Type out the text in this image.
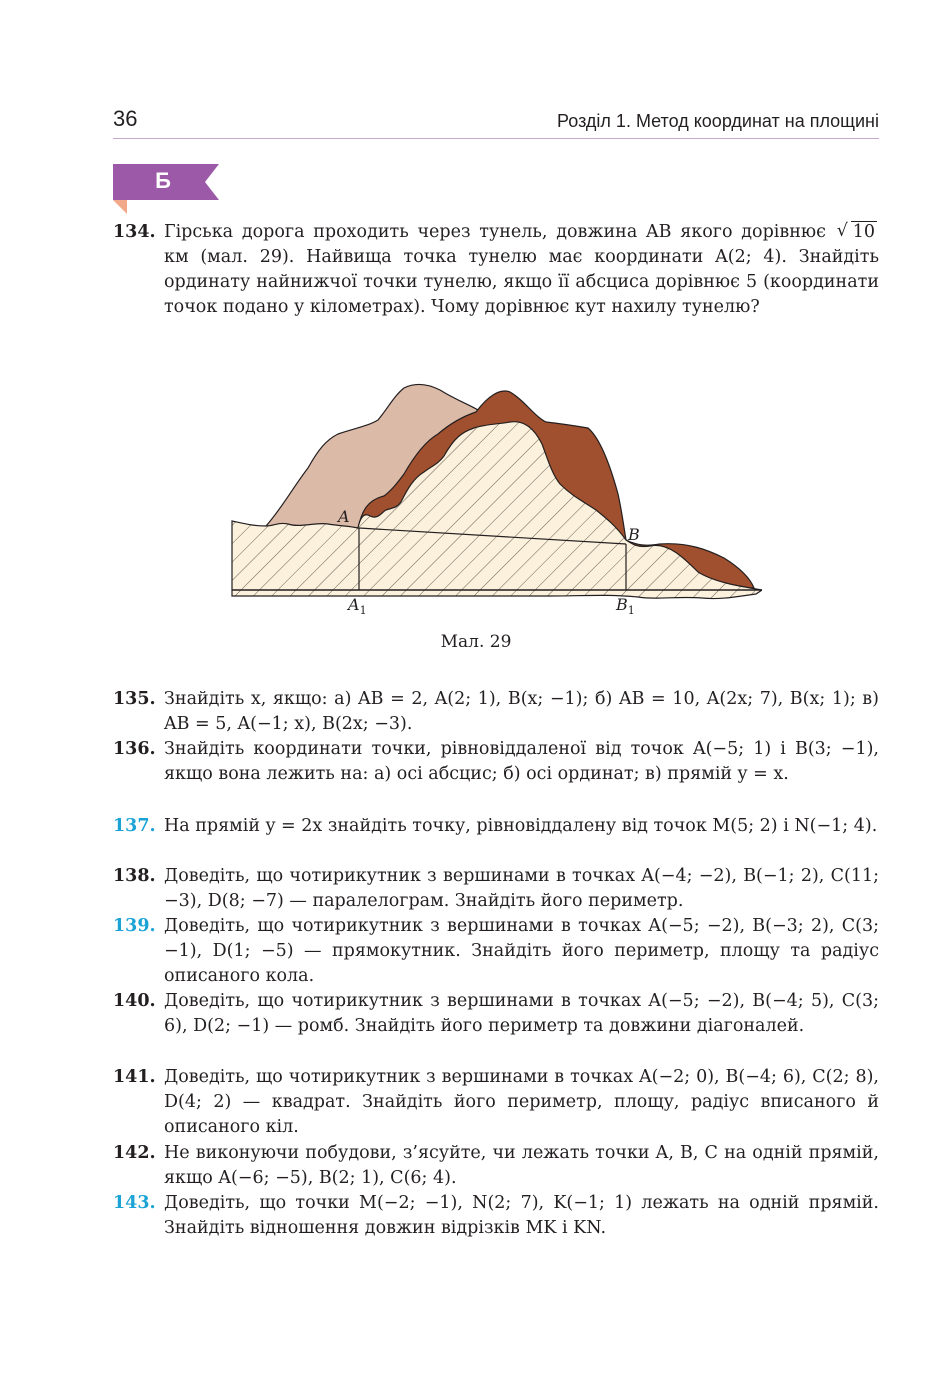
36	Розділ 1. Метод координат на площині
Б
134. Гірська дорога проходить через тунель, довжина AB якого дорівнює √ 10 км (мал. 29). Найвища точка тунелю має координати A(2; 4). Знайдіть ординату найнижчої точки тунелю, якщо її абсциса дорівнює 5 (координати точок подано у кілометрах). Чому дорівнює кут нахилу тунелю?
A
B
$A_1$	$B_1$
Мал. 29
135. Знайдіть x, якщо: а) AB = 2, A(2; 1), B(x; −1); б) AB = 10, A(2x; 7), B(x; 1); в) AB = 5, A(−1; x), B(2x; −3).
136. Знайдіть координати точки, рівновіддаленої від точок A(−5; 1) і B(3; −1), якщо вона лежить на: а) осі абсцис; б) осі ординат; в) прямій y = x.
137. На прямій y = 2x знайдіть точку, рівновіддалену від точок M(5; 2) і N(−1; 4).
138. Доведіть, що чотирикутник з вершинами в точках A(−4; −2), B(−1; 2), C(11; −3), D(8; −7) — паралелограм. Знайдіть його периметр.
139. Доведіть, що чотирикутник з вершинами в точках A(−5; −2), B(−3; 2), C(3; −1), D(1; −5) — прямокутник. Знайдіть його периметр, площу та радіус описаного кола.
140. Доведіть, що чотирикутник з вершинами в точках A(−5; −2), B(−4; 5), C(3; 6), D(2; −1) — ромб. Знайдіть його периметр та довжини діагоналей.
141. Доведіть, що чотирикутник з вершинами в точках A(−2; 0), B(−4; 6), C(2; 8), D(4; 2) — квадрат. Знайдіть його периметр, площу, радіус вписаного й описаного кіл.
142. Не виконуючи побудови, з’ясуйте, чи лежать точки A, B, C на одній прямій, якщо A(−6; −5), B(2; 1), C(6; 4).
143. Доведіть, що точки M(−2; −1), N(2; 7), K(−1; 1) лежать на одній прямій. Знайдіть відношення довжин відрізків MK і KN.
